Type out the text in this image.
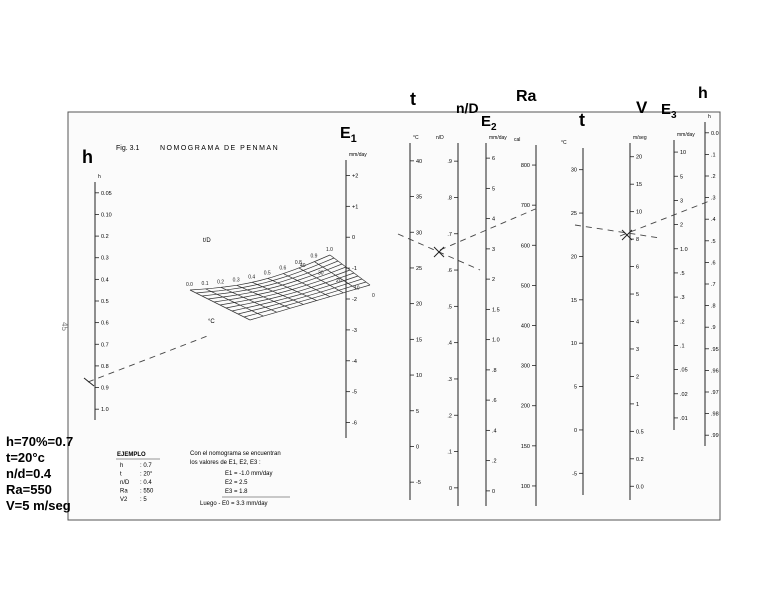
Fig. 3.1	NOMOGRAMA DE PENMAN
45
h
0.05
0.10
0.2
0.3
0.4
0.5
0.6
0.7
0.8
0.9
1.0
mm/day
+2
+1
0
-1
-2
-3
-4
-5
-6
°C
40
35
30
25
20
15
10
5
0
-5
n/D
.9
.8
.7
.6
.5
.4
.3
.2
.1
0
mm/day
6
5
4
3
2
1.5
1.0
.8
.6
.4
.2
0
cal
800
700
600
500
400
300
200
150
100
°C
30
25
20
15
10
5
0
-5
m/seg
20
15
10
8
6
5
4
3
2
1
0.5
0.2
0.0
mm/day
10
5
3
2
1.0
.5
.3
.2
.1
.05
.02
.01
h
0.0
.1
.2
.3
.4
.5
.6
.7
.8
.9
.95
.96
.97
.98
.99
0.0 0.1 0.2 0.3 0.4
0.5
0.6
0.8
0.9
1.0
40
30
20
10
0
t/D
°C
EJEMPLO
h	: 0.7
t	: 20°
n/D : 0.4
Ra : 550
V2 : 5
Con el nomograma se encuentran
los valores de E1, E2, E3 :
E1 = -1.0 mm/day
E2 = 2.5
E3 = 1.8
Luego - E0 = 3.3 mm/day
h
$E_1$
t	n/D
$E_2$
Ra
t
V $E_3$
h
h=70%=0.7
t=20°c
n/d=0.4
Ra=550
V=5 m/seg
